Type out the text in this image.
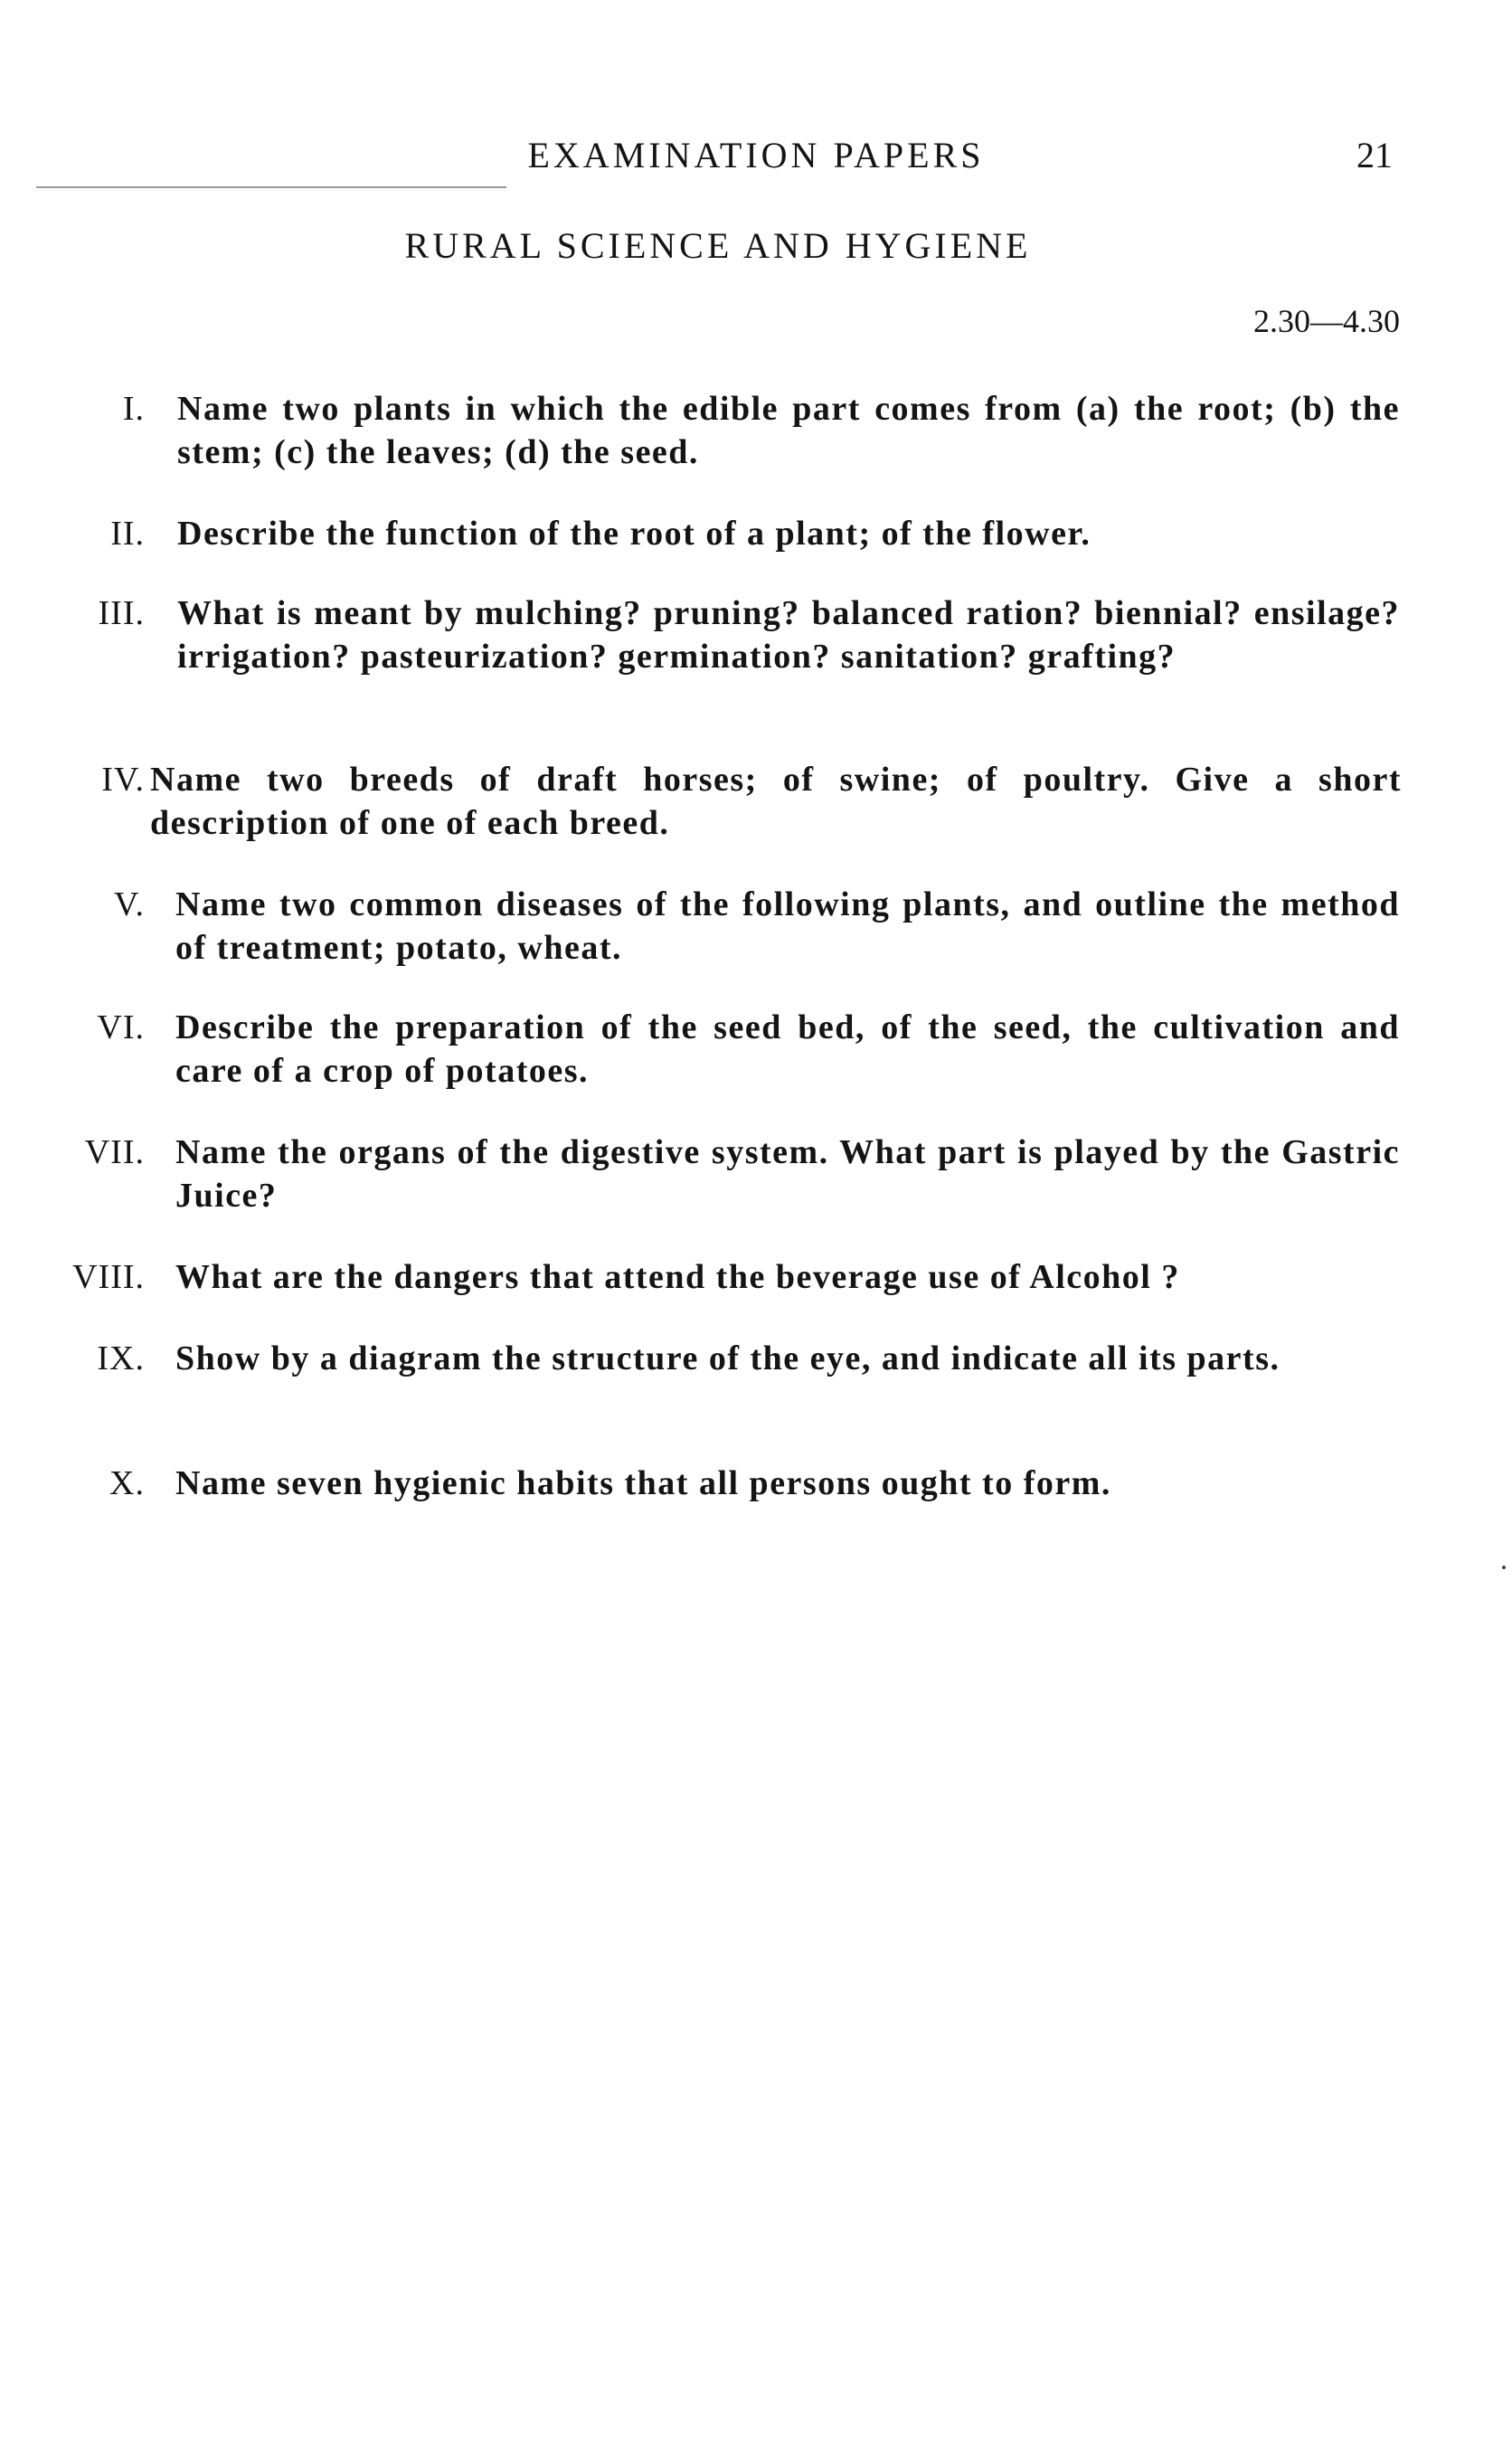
EXAMINATION PAPERS	21
RURAL SCIENCE AND HYGIENE
2.30—4.30
I. Name two plants in which the edible part comes from (a) the root; (b) the stem; (c) the leaves; (d) the seed.
II. Describe the function of the root of a plant; of the flower.
III. What is meant by mulching? pruning? balanced ration? biennial? ensilage? irrigation? pasteurization? germination? sanitation? grafting?
IV. Name two breeds of draft horses; of swine; of poultry. Give a short description of one of each breed.
V. Name two common diseases of the following plants, and outline the method of treatment; potato, wheat.
VI. Describe the preparation of the seed bed, of the seed, the cultivation and care of a crop of potatoes.
VII. Name the organs of the digestive system. What part is played by the Gastric Juice?
VIII. What are the dangers that attend the beverage use of Alcohol ?
IX. Show by a diagram the structure of the eye, and indicate all its parts.
X. Name seven hygienic habits that all persons ought to form.
